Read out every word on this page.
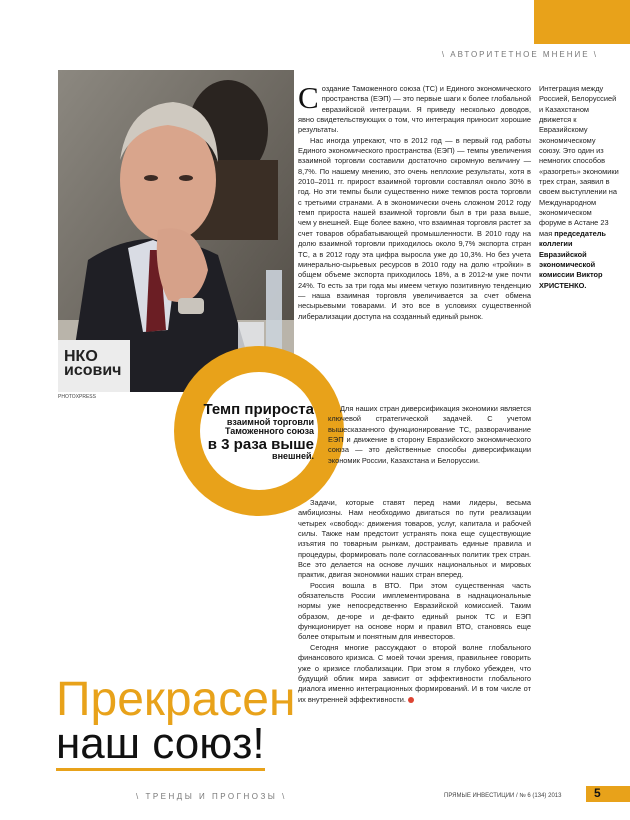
\ АВТОРИТЕТНОЕ МНЕНИЕ \
НКО
исович
PHOTOXPRESS
Темп прироста
взаимной торговли
Таможенного союза
в 3 раза выше
внешней.

Создание Таможенного союза (ТС) и Единого экономического пространства (ЕЭП) — это первые шаги к более глобальной евразийской интеграции. Я приведу несколько доводов, явно свидетельствующих о том, что интеграция приносит хорошие результаты.

Нас иногда упрекают, что в 2012 год — в первый год работы Единого экономического пространства (ЕЭП) — темпы увеличения взаимной торговли составили достаточно скромную величину — 8,7%. По нашему мнению, это очень неплохие результаты, хотя в 2010–2011 гг. прирост взаимной торговли составлял около 30% в год. Но эти темпы были существенно ниже темпов роста торговли с третьими странами. А в экономически очень сложном 2012 году темп прироста нашей взаимной торговли был в три раза выше, чем у внешней. Еще более важно, что взаимная торговля растет за счет товаров обрабатывающей промышленности. В 2010 году на долю взаимной торговли приходилось около 9,7% экспорта стран ТС, а в 2012 году эта цифра выросла уже до 10,3%. Но без учета минерально-сырьевых ресурсов в 2010 году на долю «тройки» в общем объеме экспорта приходилось 18%, а в 2012-м уже почти 24%. То есть за три года мы имеем четкую позитивную тенденцию — наша взаимная торговля увеличивается за счет обмена несырьевыми товарами. И это все в условиях существенной либерализации доступа на созданный единый рынок.

Для наших стран диверсификация экономики является ключевой стратегической задачей. С учетом вышесказанного функционирование ТС, разворачивание ЕЭП и движение в сторону Евразийского экономического союза — это действенные способы диверсификации экономик России, Казахстана и Белоруссии.

Задачи, которые ставят перед нами лидеры, весьма амбициозны. Нам необходимо двигаться по пути реализации четырех «свобод»: движения товаров, услуг, капитала и рабочей силы. Также нам предстоит устранять пока еще существующие изъятия по товарным рынкам, достраивать единые правила и процедуры, формировать поле согласованных политик трех стран. Все это делается на основе лучших национальных и мировых практик, двигая экономики наших стран вперед.

Россия вошла в ВТО. При этом существенная часть обязательств России имплементирована в наднациональные нормы уже непосредственно Евразийской комиссией. Таким образом, де-юре и де-факто единый рынок ТС и ЕЭП функционирует на основе норм и правил ВТО, становясь еще более открытым и понятным для инвесторов.

Сегодня многие рассуждают о второй волне глобального финансового кризиса. С моей точки зрения, правильнее говорить уже о кризисе глобализации. При этом я глубоко убежден, что будущий облик мира зависит от эффективности глобального диалога именно интеграционных формирований. И в том числе от их внутренней эффективности.

Интеграция между Россией, Белоруссией и Казахстаном движется к Евразийскому экономическому союзу. Это один из немногих способов «разогреть» экономики трех стран, заявил в своем выступлении на Международном экономическом форуме в Астане 23 мая председатель коллегии Евразийской экономической комиссии Виктор ХРИСТЕНКО.
Прекрасен
наш союз!
\ ТРЕНДЫ И ПРОГНОЗЫ \	ПРЯМЫЕ ИНВЕСТИЦИИ / № 6 (134) 2013	5
